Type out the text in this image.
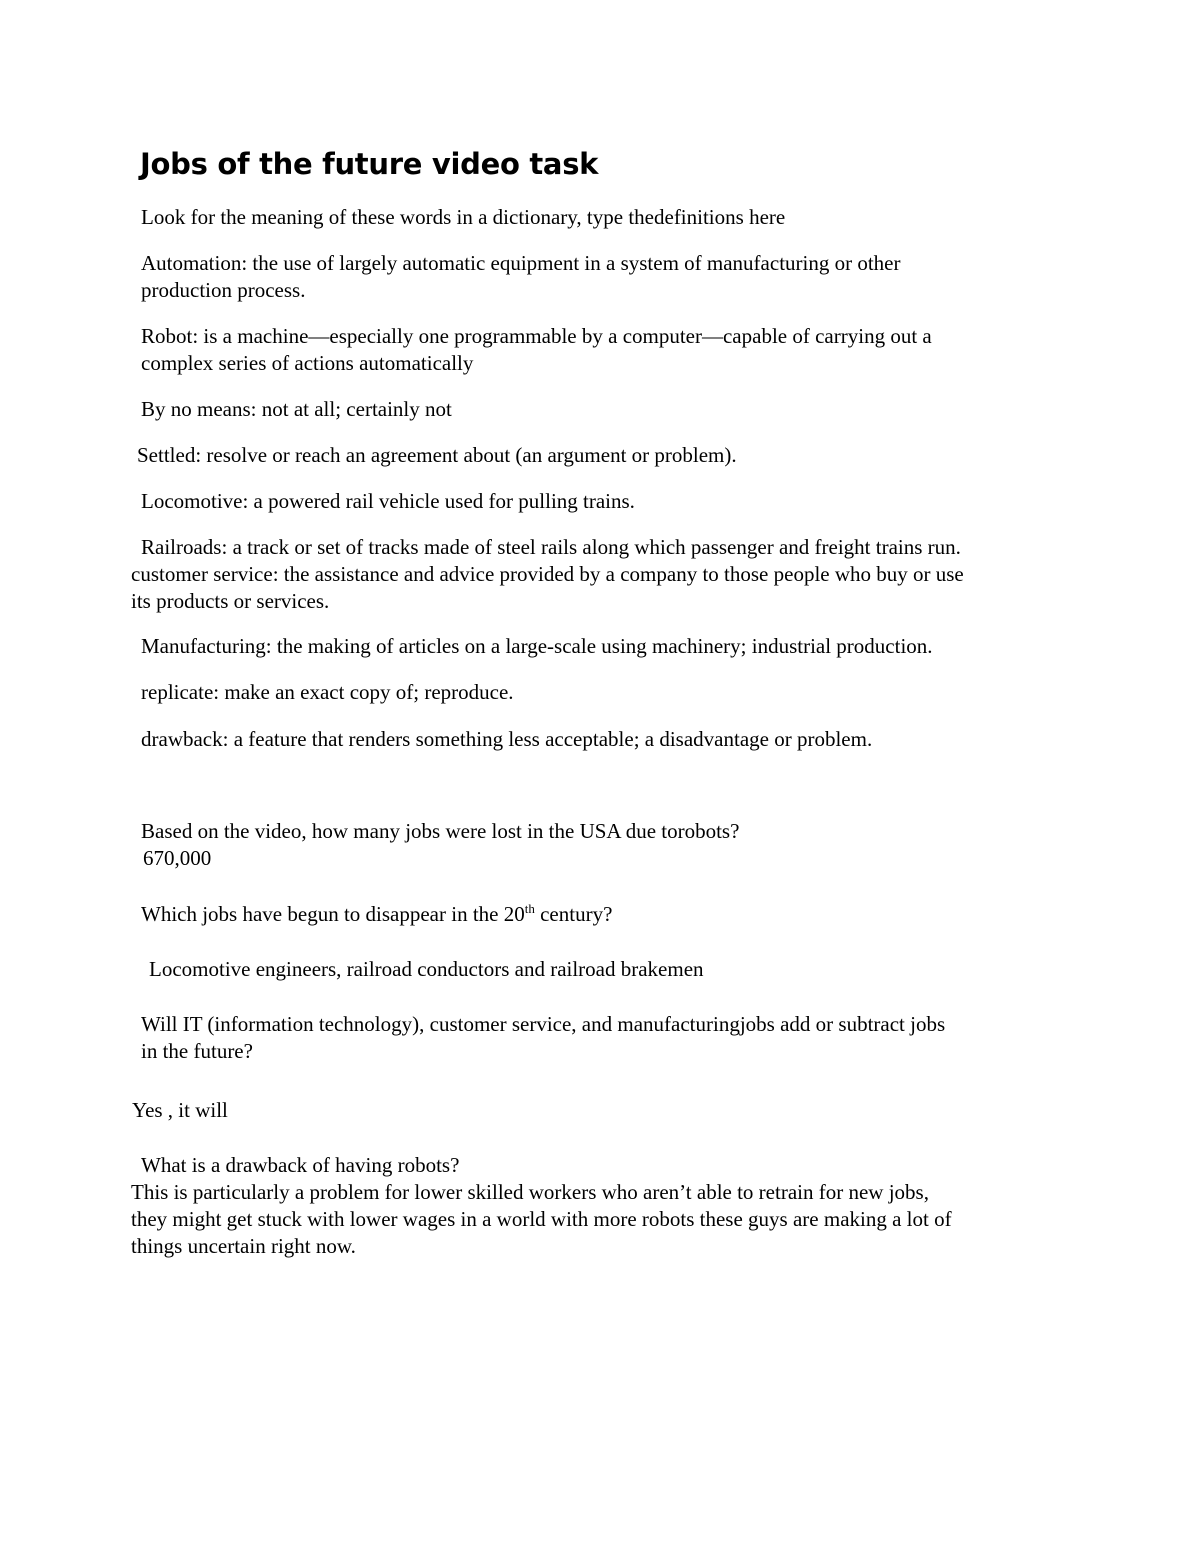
Jobs of the future video task

Look for the meaning of these words in a dictionary, type thedefinitions here

Automation: the use of largely automatic equipment in a system of manufacturing or other

production process.

Robot: is a machine—especially one programmable by a computer—capable of carrying out a

complex series of actions automatically

By no means: not at all; certainly not

Settled: resolve or reach an agreement about (an argument or problem).

Locomotive: a powered rail vehicle used for pulling trains.

Railroads: a track or set of tracks made of steel rails along which passenger and freight trains run.

customer service: the assistance and advice provided by a company to those people who buy or use

its products or services.

Manufacturing: the making of articles on a large-scale using machinery; industrial production.

replicate: make an exact copy of; reproduce.

drawback: a feature that renders something less acceptable; a disadvantage or problem.

Based on the video, how many jobs were lost in the USA due torobots?

670,000

Which jobs have begun to disappear in the 20th century?

Locomotive engineers, railroad conductors and railroad brakemen

Will IT (information technology), customer service, and manufacturingjobs add or subtract jobs

in the future?

Yes , it will

What is a drawback of having robots?

This is particularly a problem for lower skilled workers who aren’t able to retrain for new jobs,

they might get stuck with lower wages in a world with more robots these guys are making a lot of

things uncertain right now.
